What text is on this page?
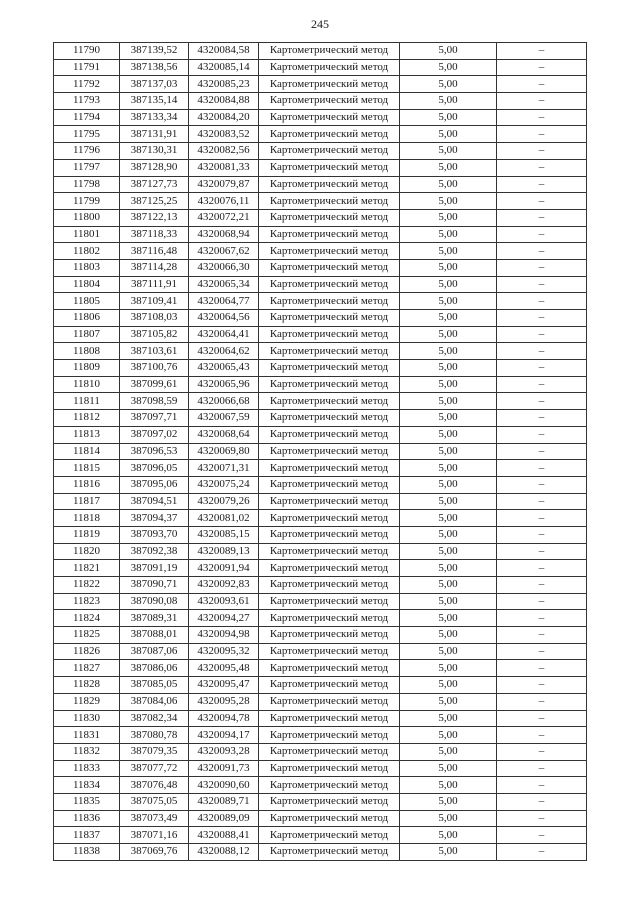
245
11790	387139,52	4320084,58	Картометрический метод	5,00	–
11791	387138,56	4320085,14	Картометрический метод	5,00	–
11792	387137,03	4320085,23	Картометрический метод	5,00	–
11793	387135,14	4320084,88	Картометрический метод	5,00	–
11794	387133,34	4320084,20	Картометрический метод	5,00	–
11795	387131,91	4320083,52	Картометрический метод	5,00	–
11796	387130,31	4320082,56	Картометрический метод	5,00	–
11797	387128,90	4320081,33	Картометрический метод	5,00	–
11798	387127,73	4320079,87	Картометрический метод	5,00	–
11799	387125,25	4320076,11	Картометрический метод	5,00	–
11800	387122,13	4320072,21	Картометрический метод	5,00	–
11801	387118,33	4320068,94	Картометрический метод	5,00	–
11802	387116,48	4320067,62	Картометрический метод	5,00	–
11803	387114,28	4320066,30	Картометрический метод	5,00	–
11804	387111,91	4320065,34	Картометрический метод	5,00	–
11805	387109,41	4320064,77	Картометрический метод	5,00	–
11806	387108,03	4320064,56	Картометрический метод	5,00	–
11807	387105,82	4320064,41	Картометрический метод	5,00	–
11808	387103,61	4320064,62	Картометрический метод	5,00	–
11809	387100,76	4320065,43	Картометрический метод	5,00	–
11810	387099,61	4320065,96	Картометрический метод	5,00	–
11811	387098,59	4320066,68	Картометрический метод	5,00	–
11812	387097,71	4320067,59	Картометрический метод	5,00	–
11813	387097,02	4320068,64	Картометрический метод	5,00	–
11814	387096,53	4320069,80	Картометрический метод	5,00	–
11815	387096,05	4320071,31	Картометрический метод	5,00	–
11816	387095,06	4320075,24	Картометрический метод	5,00	–
11817	387094,51	4320079,26	Картометрический метод	5,00	–
11818	387094,37	4320081,02	Картометрический метод	5,00	–
11819	387093,70	4320085,15	Картометрический метод	5,00	–
11820	387092,38	4320089,13	Картометрический метод	5,00	–
11821	387091,19	4320091,94	Картометрический метод	5,00	–
11822	387090,71	4320092,83	Картометрический метод	5,00	–
11823	387090,08	4320093,61	Картометрический метод	5,00	–
11824	387089,31	4320094,27	Картометрический метод	5,00	–
11825	387088,01	4320094,98	Картометрический метод	5,00	–
11826	387087,06	4320095,32	Картометрический метод	5,00	–
11827	387086,06	4320095,48	Картометрический метод	5,00	–
11828	387085,05	4320095,47	Картометрический метод	5,00	–
11829	387084,06	4320095,28	Картометрический метод	5,00	–
11830	387082,34	4320094,78	Картометрический метод	5,00	–
11831	387080,78	4320094,17	Картометрический метод	5,00	–
11832	387079,35	4320093,28	Картометрический метод	5,00	–
11833	387077,72	4320091,73	Картометрический метод	5,00	–
11834	387076,48	4320090,60	Картометрический метод	5,00	–
11835	387075,05	4320089,71	Картометрический метод	5,00	–
11836	387073,49	4320089,09	Картометрический метод	5,00	–
11837	387071,16	4320088,41	Картометрический метод	5,00	–
11838	387069,76	4320088,12	Картометрический метод	5,00	–
